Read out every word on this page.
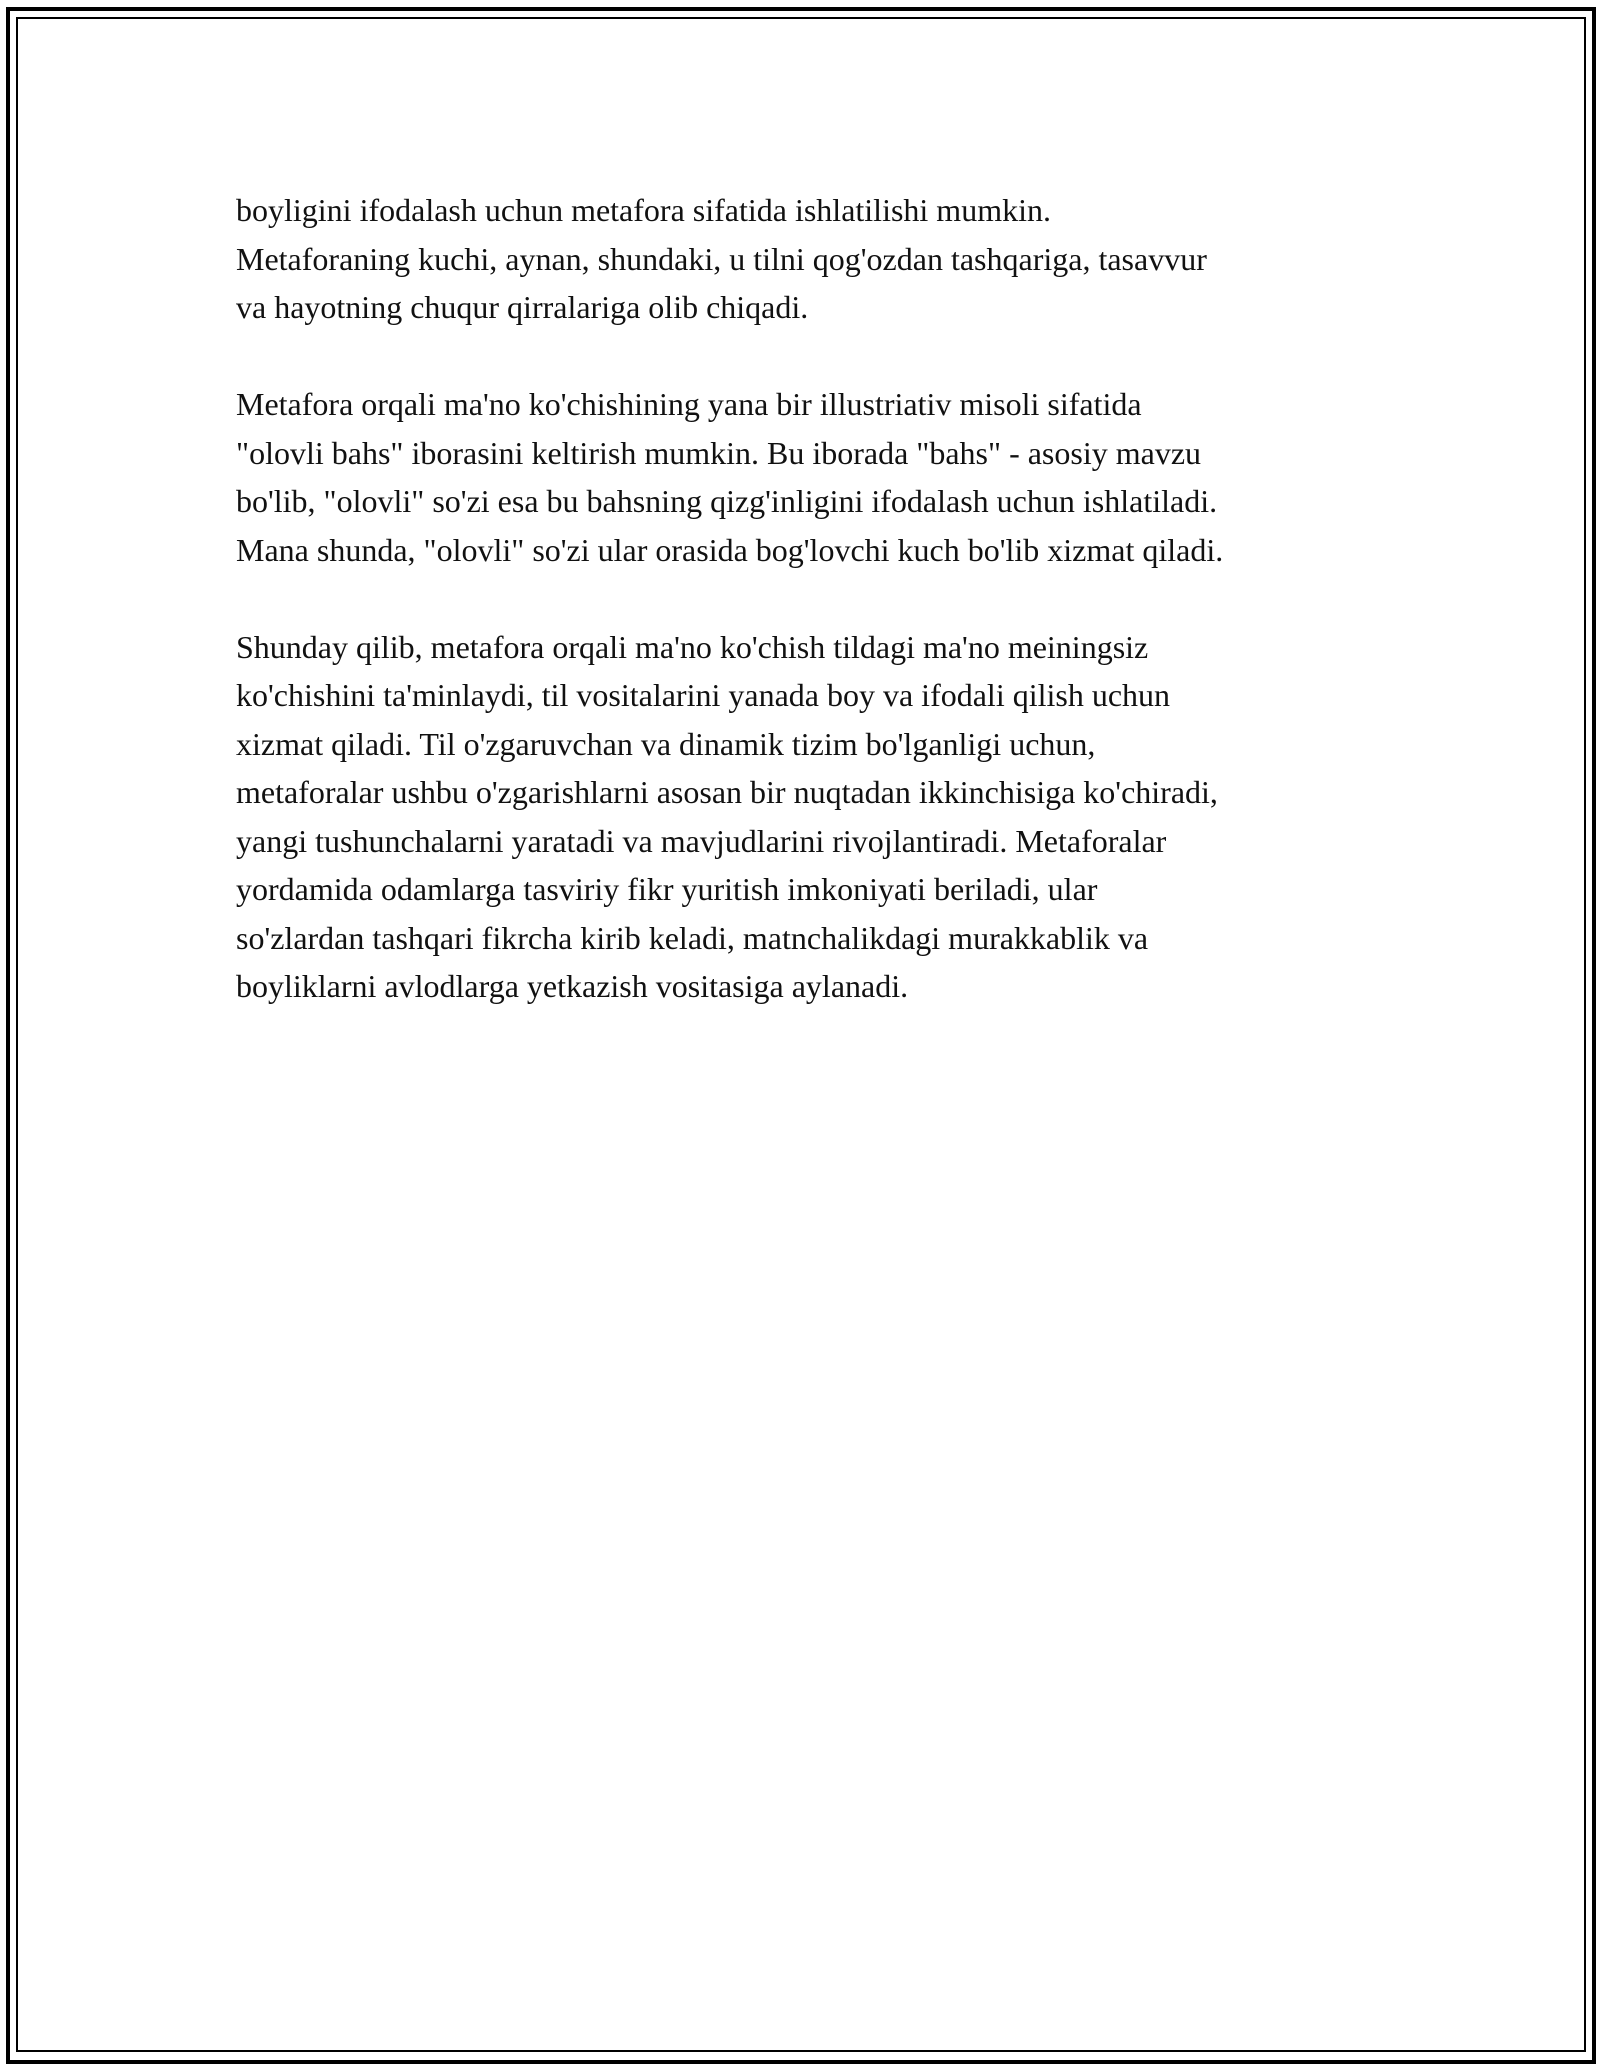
boyligini ifodalash uchun metafora sifatida ishlatilishi mumkin.
Metaforaning kuchi, aynan, shundaki, u tilni qog'ozdan tashqariga, tasavvur
va hayotning chuqur qirralariga olib chiqadi.

Metafora orqali ma'no ko'chishining yana bir illustriativ misoli sifatida
"olovli bahs" iborasini keltirish mumkin. Bu iborada "bahs" - asosiy mavzu
bo'lib, "olovli" so'zi esa bu bahsning qizg'inligini ifodalash uchun ishlatiladi.
Mana shunda, "olovli" so'zi ular orasida bog'lovchi kuch bo'lib xizmat qiladi.

Shunday qilib, metafora orqali ma'no ko'chish tildagi ma'no meiningsiz
ko'chishini ta'minlaydi, til vositalarini yanada boy va ifodali qilish uchun
xizmat qiladi. Til o'zgaruvchan va dinamik tizim bo'lganligi uchun,
metaforalar ushbu o'zgarishlarni asosan bir nuqtadan ikkinchisiga ko'chiradi,
yangi tushunchalarni yaratadi va mavjudlarini rivojlantiradi. Metaforalar
yordamida odamlarga tasviriy fikr yuritish imkoniyati beriladi, ular
so'zlardan tashqari fikrcha kirib keladi, matnchalikdagi murakkablik va
boyliklarni avlodlarga yetkazish vositasiga aylanadi.
